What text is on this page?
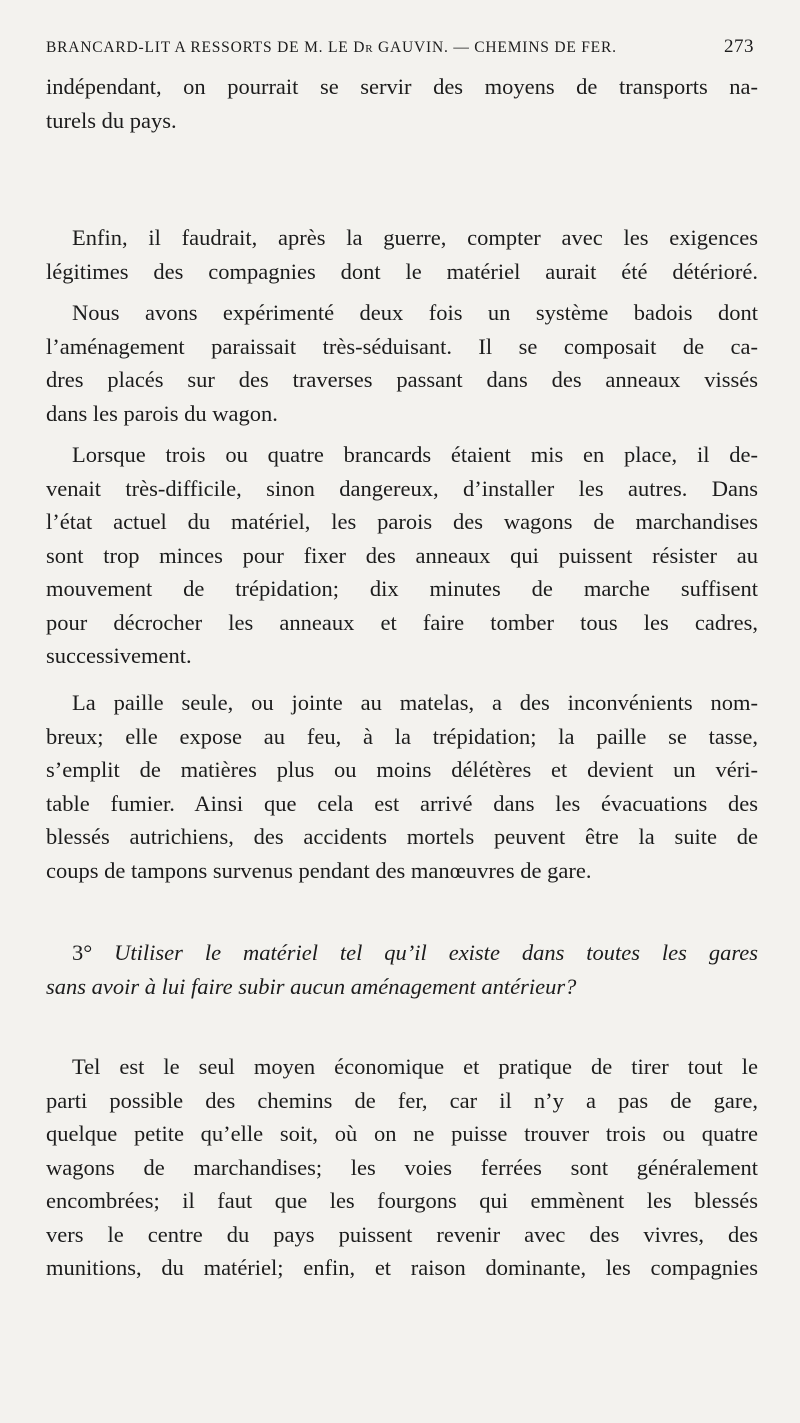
BRANCARD-LIT A RESSORTS DE M. LE Dr GAUVIN. — CHEMINS DE FER.	273
indépendant, on pourrait se servir des moyens de transports na-
turels du pays.
Enfin, il faudrait, après la guerre, compter avec les exigences
légitimes des compagnies dont le matériel aurait été détérioré.
Nous avons expérimenté deux fois un système badois dont
l’aménagement paraissait très-séduisant. Il se composait de ca-
dres placés sur des traverses passant dans des anneaux vissés
dans les parois du wagon.
Lorsque trois ou quatre brancards étaient mis en place, il de-
venait très-difficile, sinon dangereux, d’installer les autres. Dans
l’état actuel du matériel, les parois des wagons de marchandises
sont trop minces pour fixer des anneaux qui puissent résister au
mouvement de trépidation; dix minutes de marche suffisent
pour décrocher les anneaux et faire tomber tous les cadres,
successivement.
La paille seule, ou jointe au matelas, a des inconvénients nom-
breux; elle expose au feu, à la trépidation; la paille se tasse,
s’emplit de matières plus ou moins délétères et devient un véri-
table fumier. Ainsi que cela est arrivé dans les évacuations des
blessés autrichiens, des accidents mortels peuvent être la suite de
coups de tampons survenus pendant des manœuvres de gare.
3° Utiliser le matériel tel qu’il existe dans toutes les gares
sans avoir à lui faire subir aucun aménagement antérieur?
Tel est le seul moyen économique et pratique de tirer tout le
parti possible des chemins de fer, car il n’y a pas de gare,
quelque petite qu’elle soit, où on ne puisse trouver trois ou quatre
wagons de marchandises; les voies ferrées sont généralement
encombrées; il faut que les fourgons qui emmènent les blessés
vers le centre du pays puissent revenir avec des vivres, des
munitions, du matériel; enfin, et raison dominante, les compagnies
